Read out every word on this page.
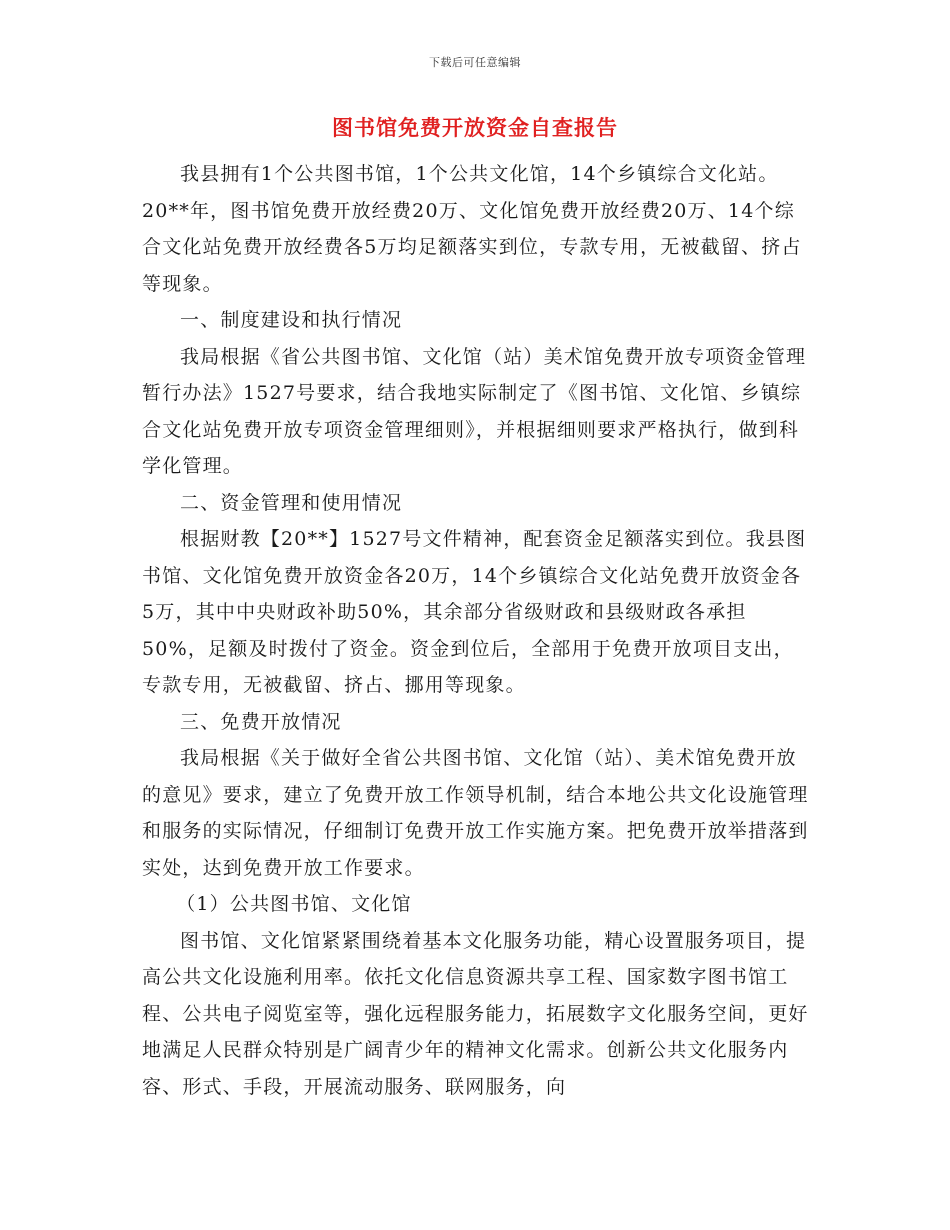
下载后可任意编辑
图书馆免费开放资金自查报告

我县拥有1个公共图书馆，1个公共文化馆，14个乡镇综合文化站。20**年，图书馆免费开放经费20万、文化馆免费开放经费20万、14个综合文化站免费开放经费各5万均足额落实到位，专款专用，无被截留、挤占等现象。

一、制度建设和执行情况

我局根据《省公共图书馆、文化馆（站）美术馆免费开放专项资金管理暂行办法》1527号要求，结合我地实际制定了《图书馆、文化馆、乡镇综合文化站免费开放专项资金管理细则》，并根据细则要求严格执行，做到科学化管理。

二、资金管理和使用情况

根据财教【20**】1527号文件精神，配套资金足额落实到位。我县图书馆、文化馆免费开放资金各20万，14个乡镇综合文化站免费开放资金各5万，其中中央财政补助50%，其余部分省级财政和县级财政各承担50%，足额及时拨付了资金。资金到位后，全部用于免费开放项目支出，专款专用，无被截留、挤占、挪用等现象。

三、免费开放情况

我局根据《关于做好全省公共图书馆、文化馆（站）、美术馆免费开放的意见》要求，建立了免费开放工作领导机制，结合本地公共文化设施管理和服务的实际情况，仔细制订免费开放工作实施方案。把免费开放举措落到实处，达到免费开放工作要求。

（1）公共图书馆、文化馆

图书馆、文化馆紧紧围绕着基本文化服务功能，精心设置服务项目，提高公共文化设施利用率。依托文化信息资源共享工程、国家数字图书馆工程、公共电子阅览室等，强化远程服务能力，拓展数字文化服务空间，更好地满足人民群众特别是广阔青少年的精神文化需求。创新公共文化服务内容、形式、手段，开展流动服务、联网服务，向
